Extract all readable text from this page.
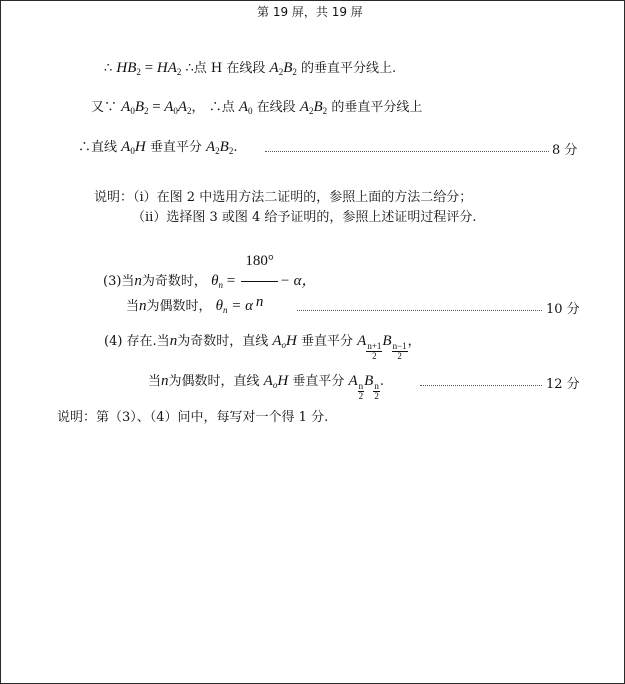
第 19 屏，共 19 屏
∴ $HB_2 = HA_2$ ∴点 H 在线段 $A_2B_2$ 的垂直平分线上.
又∵ $A_0B_2 = A_0A_2$， ∴点 $A_0$ 在线段 $A_2B_2$ 的垂直平分线上
∴直线 $A_0H$ 垂直平分 $A_2B_2$.	8 分
说明：（ⅰ）在图 2 中选用方法二证明的，参照上面的方法二给分；
（ⅱ）选择图 3 或图 4 给予证明的，参照上述证明过程评分.
(3)当n为奇数时， $\theta_n = \frac{180^\circ}{n} - \alpha$，
当n为偶数时， $\theta_n = \alpha$	10 分
(4) 存在.当n为奇数时，直线 $A_oH$ 垂直平分 A
$\frac{n+1}{2}$
B
$\frac{n-1}{2}$
，
当n为偶数时，直线 $A_oH$ 垂直平分 A
$\frac{n}{2}$
B
$\frac{n}{2}$
.	12 分
说明：第（3）、（4）问中，每写对一个得 1 分.
